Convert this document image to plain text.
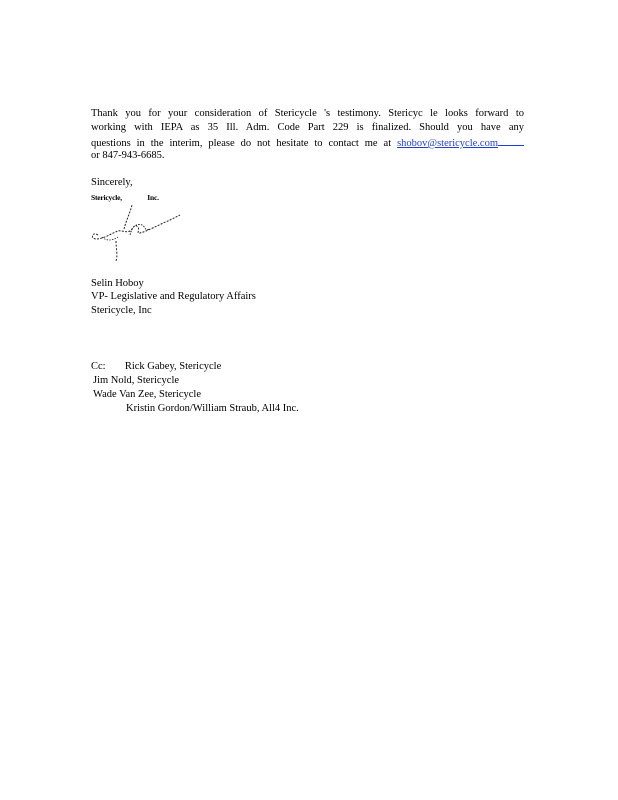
Thank you for your consideration of Stericycle 's testimony. Stericyc le looks forward to
working with IEPA as 35 Ill. Adm. Code Part 229 is finalized. Should you have any
questions in the interim, please do not hesitate to contact me at shobov@stericycle.com
or 847-943-6685.
Sincerely,
Stericycle,	Inc.
Selin Hoboy
VP- Legislative and Regulatory Affairs
Stericycle, Inc
Cc: Rick Gabey, Stericycle
Jim Nold, Stericycle
Wade Van Zee, Stericycle
Kristin Gordon/William Straub, All4 Inc.
